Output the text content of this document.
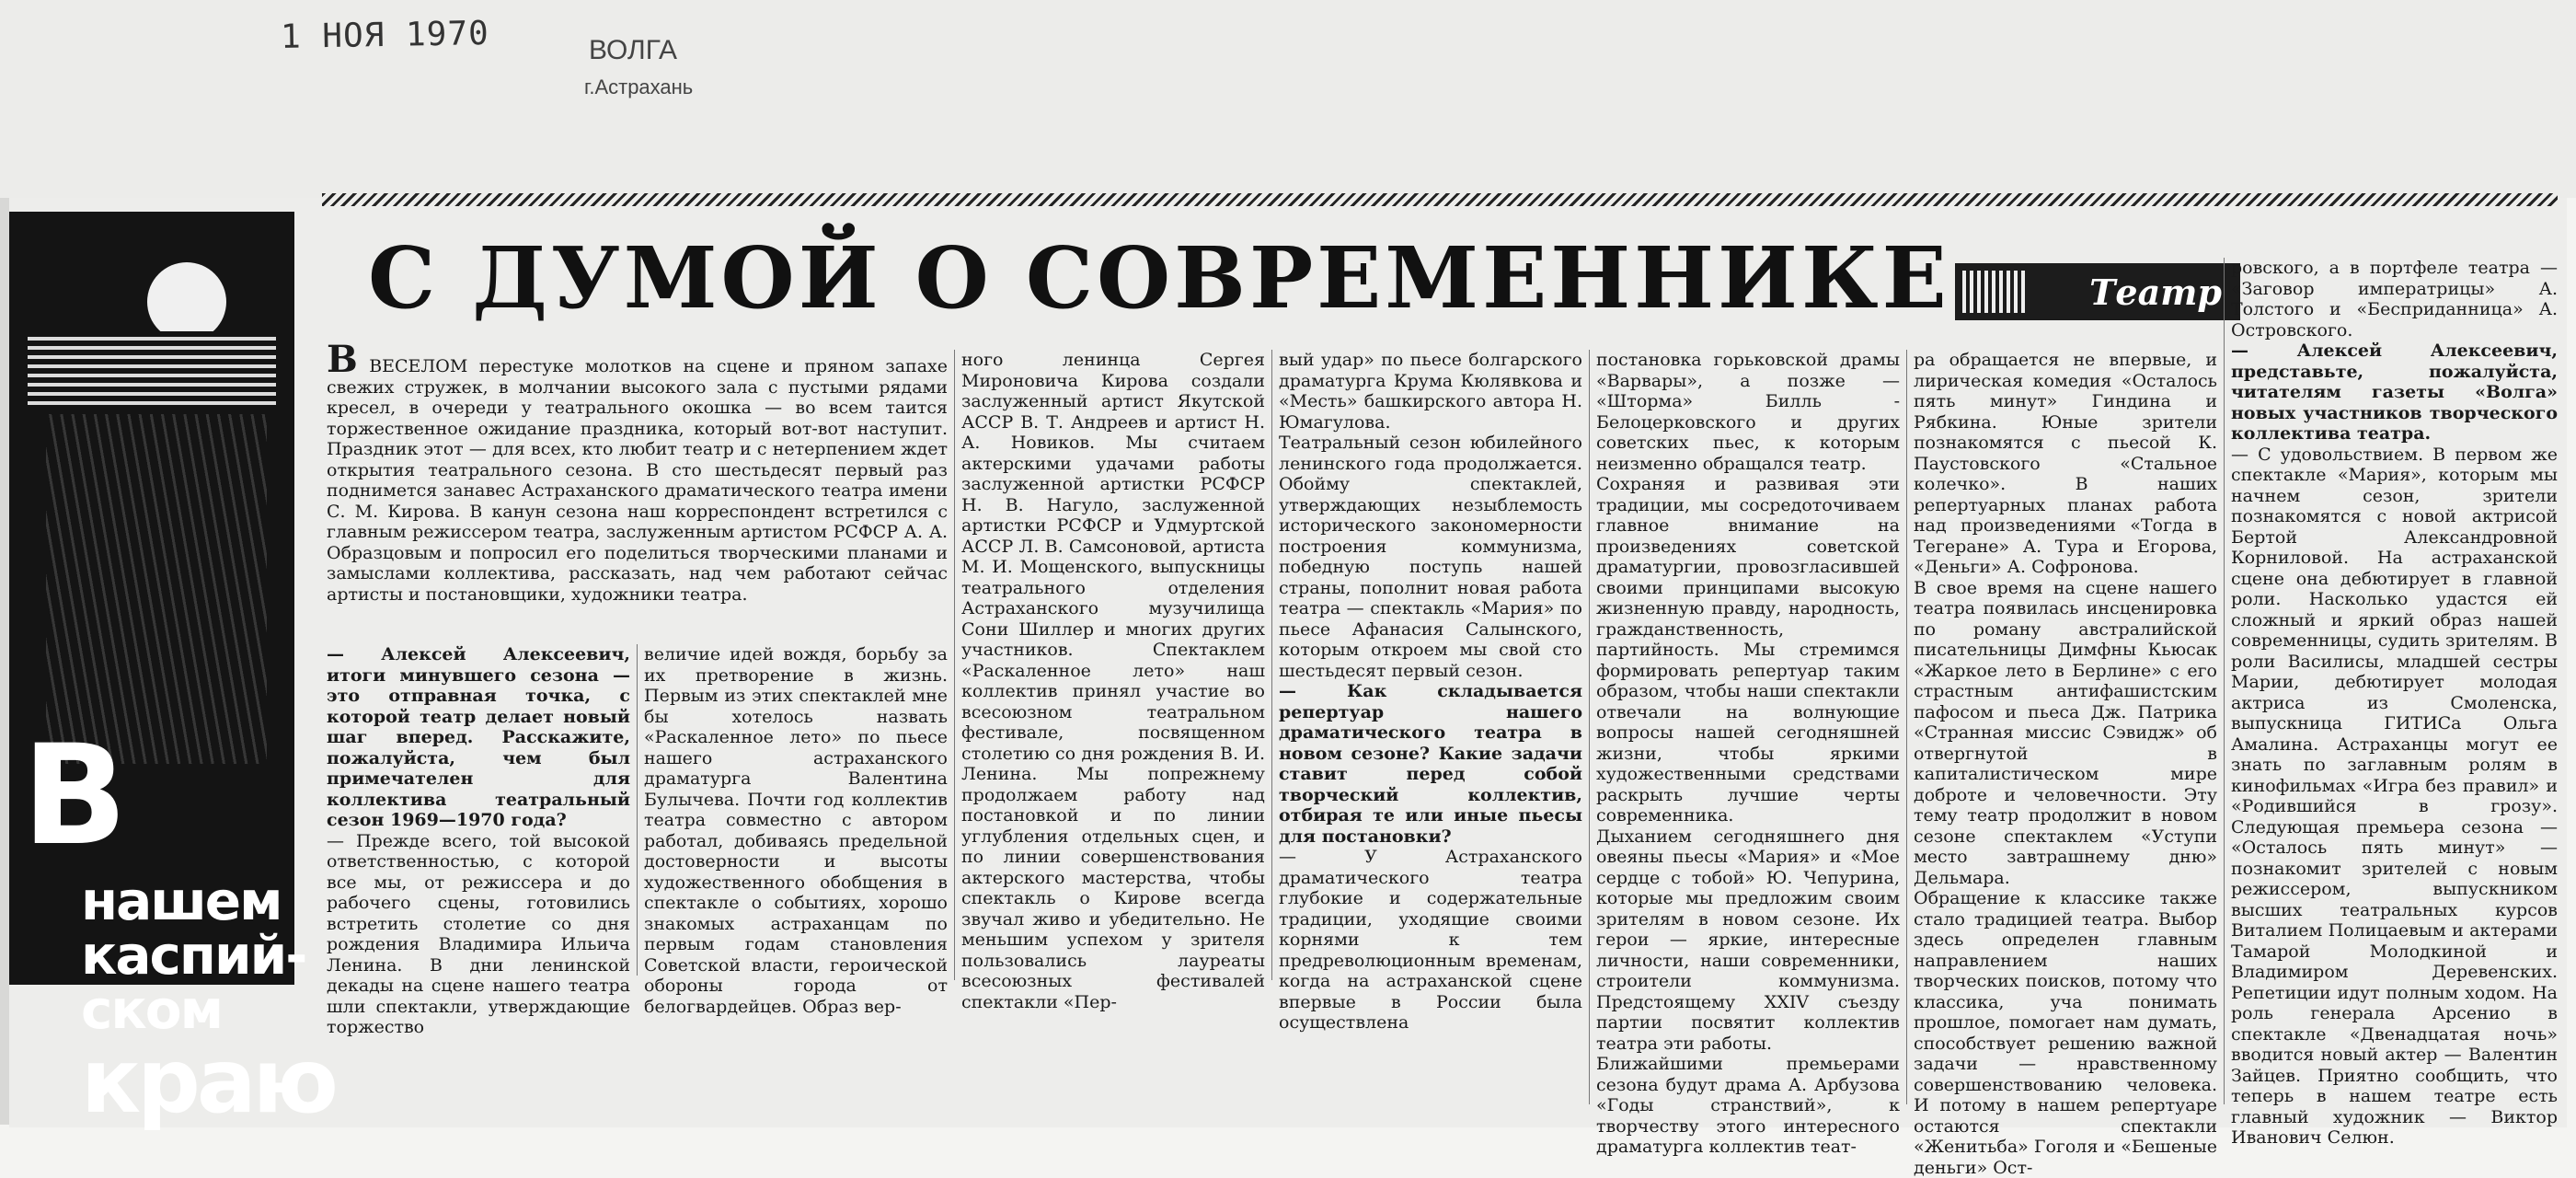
1 НОЯ 1970	ВОЛГА
г.Астрахань
В
нашем
каспий-
ском
краю
С ДУМОЙ О СОВРЕМЕННИКЕ	Театр
В ВЕСЕЛОМ перестуке молотков на сцене и пряном запахе свежих стружек, в молчании высокого зала с пустыми рядами кресел, в очереди у театрального окошка — во всем таится торжественное ожидание праздника, который вот-вот наступит. Праздник этот — для всех, кто любит театр и с нетерпением ждет открытия театрального сезона. В сто шестьдесят первый раз поднимется занавес Астраханского драматического театра имени С. М. Кирова. В канун сезона наш корреспондент встретился с главным режиссером театра, заслуженным артистом РСФСР А. А. Образцовым и попросил его поделиться творческими планами и замыслами коллектива, рассказать, над чем работают сейчас артисты и постановщики, художники театра.
— Алексей Алексеевич, итоги минувшего сезона — это отправная точка, с которой театр делает новый шаг вперед. Расскажите, пожалуйста, чем был примечателен для коллектива театральный сезон 1969—1970 года?
— Прежде всего, той высокой ответственностью, с которой все мы, от режиссера и до рабочего сцены, готовились встретить столетие со дня рождения Владимира Ильича Ленина. В дни ленинской декады на сцене нашего театра шли спектакли, утверждающие торжество
величие идей вождя, борьбу за их претворение в жизнь. Первым из этих спектаклей мне бы хотелось назвать «Раскаленное лето» по пьесе нашего астраханского драматурга Валентина Булычева. Почти год коллектив театра совместно с автором работал, добиваясь предельной достоверности и высоты художественного обобщения в спектакле о событиях, хорошо знакомых астраханцам по первым годам становления Советской власти, героической обороны города от белогвардейцев. Образ вер-
ного ленинца Сергея Мироновича Кирова создали заслуженный артист Якутской АССР В. Т. Андреев и артист Н. А. Новиков. Мы считаем актерскими удачами работы заслуженной артистки РСФСР Н. В. Нагуло, заслуженной артистки РСФСР и Удмуртской АССР Л. В. Самсоновой, артиста М. И. Мощенского, выпускницы театрального отделения Астраханского музучилища Сони Шиллер и многих других участников. Спектаклем «Раскаленное лето» наш коллектив принял участие во всесоюзном театральном фестивале, посвященном столетию со дня рождения В. И. Ленина. Мы попрежнему продолжаем работу над постановкой и по линии углубления отдельных сцен, и по линии совершенствования актерского мастерства, чтобы спектакль о Кирове всегда звучал живо и убедительно. Не меньшим успехом у зрителя пользовались лауреаты всесоюзных фестивалей спектакли «Пер-
вый удар» по пьесе болгарского драматурга Крума Кюлявкова и «Месть» башкирского автора Н. Юмагулова.
Театральный сезон юбилейного ленинского года продолжается. Обойму спектаклей, утверждающих незыблемость исторического закономерности построения коммунизма, победную поступь нашей страны, пополнит новая работа театра — спектакль «Мария» по пьесе Афанасия Салынского, которым откроем мы свой сто шестьдесят первый сезон.
— Как складывается репертуар нашего драматического театра в новом сезоне? Какие задачи ставит перед собой творческий коллектив, отбирая те или иные пьесы для постановки?
— У Астраханского драматического театра глубокие и содержательные традиции, уходящие своими корнями к тем предреволюционным временам, когда на астраханской сцене впервые в России была осуществлена
постановка горьковской драмы «Варвары», а позже — «Шторма» Билль - Белоцерковского и других советских пьес, к которым неизменно обращался театр.
Сохраняя и развивая эти традиции, мы сосредоточиваем главное внимание на произведениях советской драматургии, провозгласившей своими принципами высокую жизненную правду, народность, гражданственность, партийность. Мы стремимся формировать репертуар таким образом, чтобы наши спектакли отвечали на волнующие вопросы нашей сегодняшней жизни, чтобы яркими художественными средствами раскрыть лучшие черты современника.
Дыханием сегодняшнего дня овеяны пьесы «Мария» и «Мое сердце с тобой» Ю. Чепурина, которые мы предложим своим зрителям в новом сезоне. Их герои — яркие, интересные личности, наши современники, строители коммунизма. Предстоящему XXIV съезду партии посвятит коллектив театра эти работы.
Ближайшими премьерами сезона будут драма А. Арбузова «Годы странствий», к творчеству этого интересного драматурга коллектив теат-
ра обращается не впервые, и лирическая комедия «Осталось пять минут» Гиндина и Рябкина. Юные зрители познакомятся с пьесой К. Паустовского «Стальное колечко». В наших репертуарных планах работа над произведениями «Тогда в Тегеране» А. Тура и Егорова, «Деньги» А. Софронова.
В свое время на сцене нашего театра появилась инсценировка по роману австралийской писательницы Димфны Кьюсак «Жаркое лето в Берлине» с его страстным антифашистским пафосом и пьеса Дж. Патрика «Странная миссис Сэвидж» об отвергнутой в капиталистическом мире доброте и человечности. Эту тему театр продолжит в новом сезоне спектаклем «Уступи место завтрашнему дню» Дельмара.
Обращение к классике также стало традицией театра. Выбор здесь определен главным направлением наших творческих поисков, потому что классика, уча понимать прошлое, помогает нам думать, способствует решению важной задачи — нравственному совершенствованию человека. И потому в нашем репертуаре остаются спектакли «Женитьба» Гоголя и «Бешеные деньги» Ост-
ровского, а в портфеле театра — «Заговор императрицы» А. Толстого и «Бесприданница» А. Островского.
— Алексей Алексеевич, представьте, пожалуйста, читателям газеты «Волга» новых участников творческого коллектива театра.
— С удовольствием. В первом же спектакле «Мария», которым мы начнем сезон, зрители познакомятся с новой актрисой Бертой Александровной Корниловой. На астраханской сцене она дебютирует в главной роли. Насколько удастся ей сложный и яркий образ нашей современницы, судить зрителям. В роли Василисы, младшей сестры Марии, дебютирует молодая актриса из Смоленска, выпускница ГИТИСа Ольга Амалина. Астраханцы могут ее знать по заглавным ролям в кинофильмах «Игра без правил» и «Родившийся в грозу». Следующая премьера сезона — «Осталось пять минут» — познакомит зрителей с новым режиссером, выпускником высших театральных курсов Виталием Полицаевым и актерами Тамарой Молодкиной и Владимиром Деревенских. Репетиции идут полным ходом. На роль генерала Арсенио в спектакле «Двенадцатая ночь» вводится новый актер — Валентин Зайцев. Приятно сообщить, что теперь в нашем театре есть главный художник — Виктор Иванович Селюн.
